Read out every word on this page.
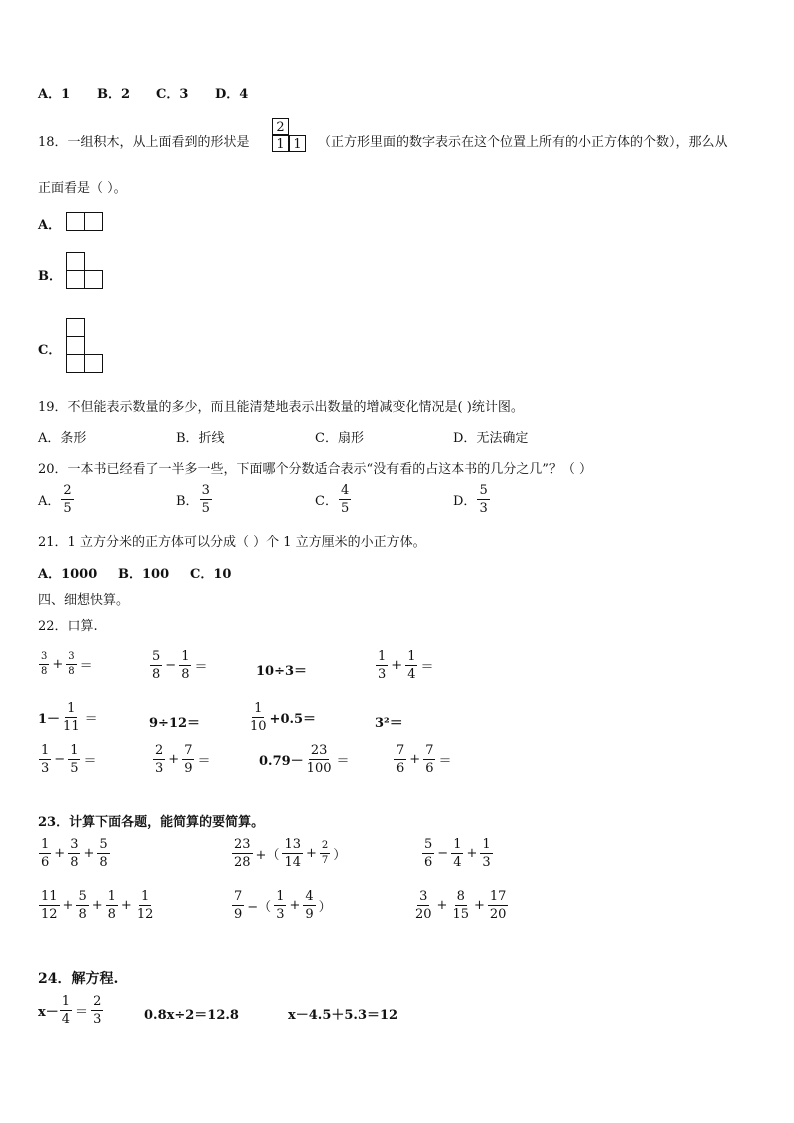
A．1 B．2 C．3 D．4
18．一组积木，从上面看到的形状是
2
1 1	（正方形里面的数字表示在这个位置上所有的小正方体的个数），那么从
正面看是（ ）。
A．
B．
C．
19．不但能表示数量的多少，而且能清楚地表示出数量的增减变化情况是( )统计图。
A．条形	B．折线	C．扇形	D．无法确定
20．一本书已经看了一半多一些，下面哪个分数适合表示“没有看的占这本书的几分之几”？（ ）
A． $\frac{2}{5}$	B． $\frac{3}{5}$	C． $\frac{4}{5}$	D． $\frac{5}{3}$
21．1 立方分米的正方体可以分成（ ）个 1 立方厘米的小正方体。
A．1000 B．100 C．10
四、细想快算。
22．口算.
$\frac{3}{8} + \frac{3}{8}$ ＝	$\frac{5}{8} - \frac{1}{8}$ ＝	10÷3＝	$\frac{1}{3} + \frac{1}{4}$ ＝
$1- \frac{1}{11}$ ＝	9÷12＝	$\frac{1}{10} +0.5=$	3²＝
$\frac{1}{3} - \frac{1}{5}$ ＝	$\frac{2}{3} + \frac{7}{9}$ ＝	$0.79- \frac{23}{100}$ ＝	$\frac{7}{6} + \frac{7}{6}$ ＝
23．计算下面各题，能简算的要简算。
$\frac{1}{6} + \frac{3}{8} + \frac{5}{8}$	$\frac{23}{28}$ +（ $\frac{13}{14} + \frac{2}{7}$ ）	$\frac{5}{6} - \frac{1}{4} + \frac{1}{3}$
$\frac{11}{12} + \frac{5}{8} + \frac{1}{8} + \frac{1}{12}$	$\frac{7}{9}$ −（ $\frac{1}{3} + \frac{4}{9}$ ）	$\frac{3}{20} + \frac{8}{15} + \frac{17}{20}$
24．解方程.
$x- \frac{1}{4} = \frac{2}{3}$	0.8x÷2＝12.8	x－4.5＋5.3＝12
